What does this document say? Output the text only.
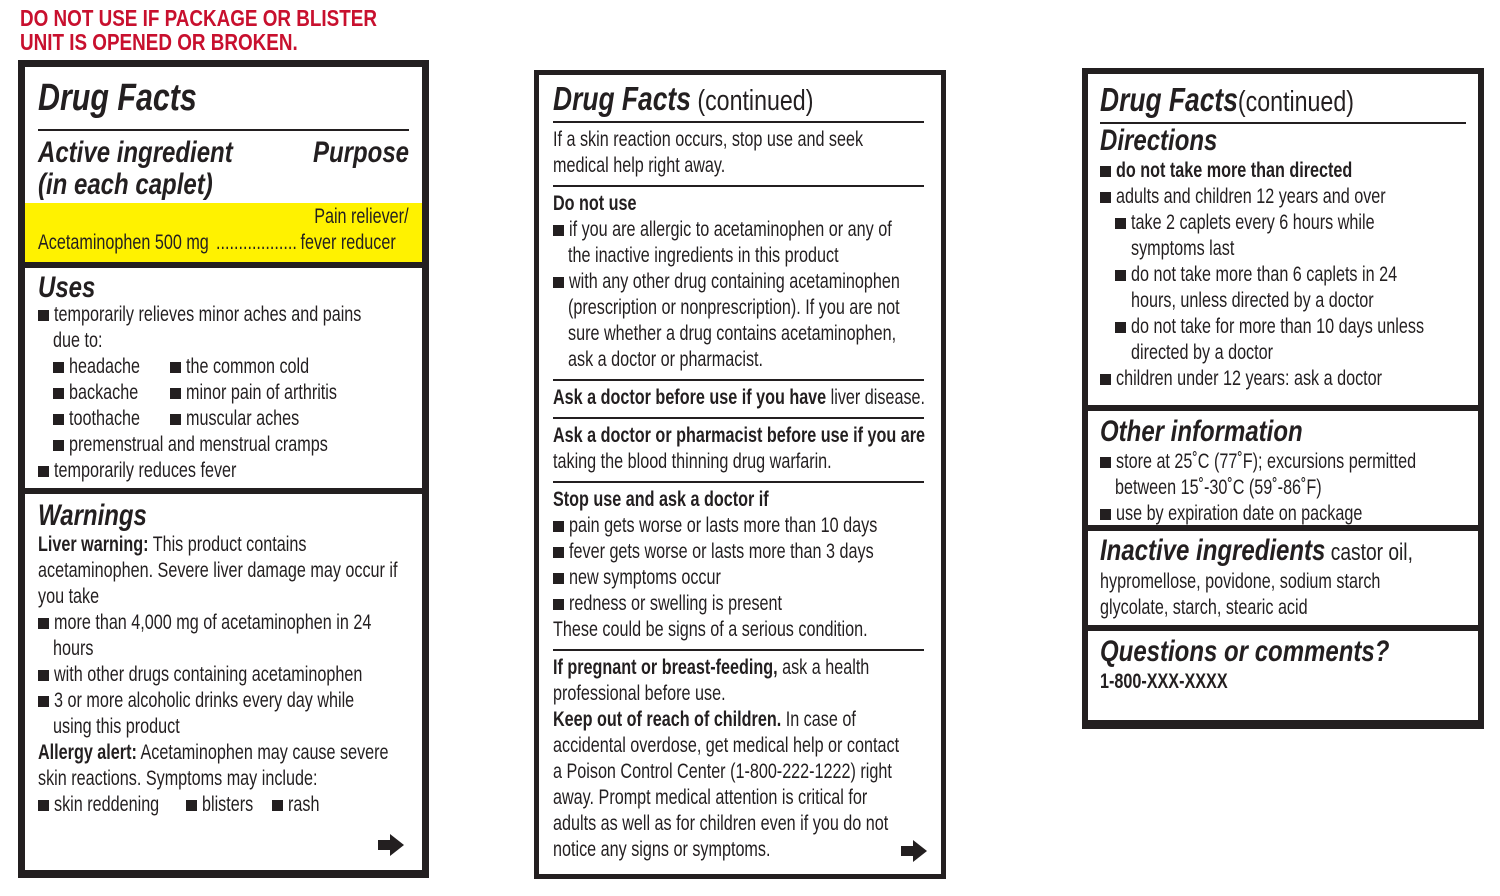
DO NOT USE IF PACKAGE OR BLISTER
UNIT IS OPENED OR BROKEN.
Drug Facts
Active ingredient
(in each caplet)
Purpose
Pain reliever/
Acetaminophen 500 mg .................. fever reducer
Uses
temporarily relieves minor aches and pains
due to:
headache the common cold
backache minor pain of arthritis
toothache muscular aches
premenstrual and menstrual cramps
temporarily reduces fever
Warnings
Liver warning: This product contains
acetaminophen. Severe liver damage may occur if
you take
more than 4,000 mg of acetaminophen in 24
hours
with other drugs containing acetaminophen
3 or more alcoholic drinks every day while
using this product
Allergy alert: Acetaminophen may cause severe
skin reactions. Symptoms may include:
skin reddening blisters rash
Drug Facts (continued)
If a skin reaction occurs, stop use and seek
medical help right away.
Do not use
if you are allergic to acetaminophen or any of
the inactive ingredients in this product
with any other drug containing acetaminophen
(prescription or nonprescription). If you are not
sure whether a drug contains acetaminophen,
ask a doctor or pharmacist.
Ask a doctor before use if you have liver disease.
Ask a doctor or pharmacist before use if you are
taking the blood thinning drug warfarin.
Stop use and ask a doctor if
pain gets worse or lasts more than 10 days
fever gets worse or lasts more than 3 days
new symptoms occur
redness or swelling is present
These could be signs of a serious condition.
If pregnant or breast-feeding, ask a health
professional before use.
Keep out of reach of children. In case of
accidental overdose, get medical help or contact
a Poison Control Center (1-800-222-1222) right
away. Prompt medical attention is critical for
adults as well as for children even if you do not
notice any signs or symptoms.
Drug Facts(continued)
Directions
do not take more than directed
adults and children 12 years and over
take 2 caplets every 6 hours while
symptoms last
do not take more than 6 caplets in 24
hours, unless directed by a doctor
do not take for more than 10 days unless
directed by a doctor
children under 12 years: ask a doctor
Other information
store at 25˚C (77˚F); excursions permitted
between 15˚-30˚C (59˚-86˚F)
use by expiration date on package
Inactive ingredients castor oil,
hypromellose, povidone, sodium starch
glycolate, starch, stearic acid
Questions or comments?
1-800-XXX-XXXX
